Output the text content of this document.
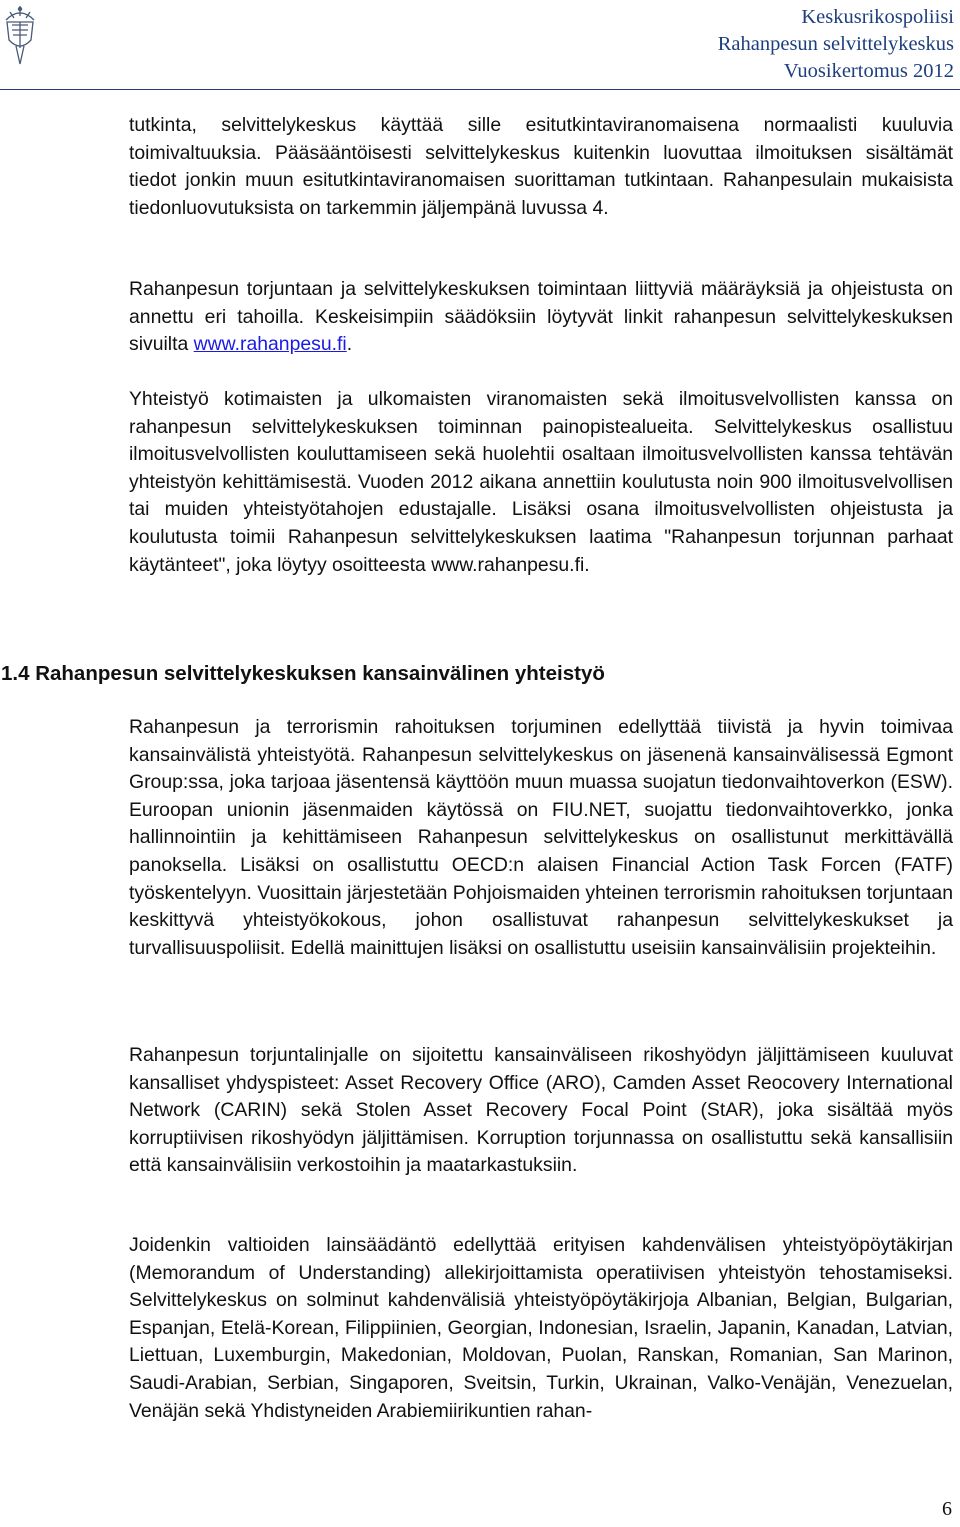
Keskusrikospoliisi
Rahanpesun selvittelykeskus
Vuosikertomus 2012

tutkinta, selvittelykeskus käyttää sille esitutkintaviranomaisena normaalisti kuuluvia toimivaltuuksia. Pääsääntöisesti selvittelykeskus kuitenkin luovuttaa ilmoituksen sisältämät tiedot jonkin muun esitutkintaviranomaisen suorittaman tutkintaan. Rahanpesulain mukaisista tiedonluovutuksista on tarkemmin jäljempänä luvussa 4.

Rahanpesun torjuntaan ja selvittelykeskuksen toimintaan liittyviä määräyksiä ja ohjeistusta on annettu eri tahoilla. Keskeisimpiin säädöksiin löytyvät linkit rahanpesun selvittelykeskuksen sivuilta www.rahanpesu.fi.

Yhteistyö kotimaisten ja ulkomaisten viranomaisten sekä ilmoitusvelvollisten kanssa on rahanpesun selvittelykeskuksen toiminnan painopistealueita. Selvittelykeskus osallistuu ilmoitusvelvollisten kouluttamiseen sekä huolehtii osaltaan ilmoitusvelvollisten kanssa tehtävän yhteistyön kehittämisestä. Vuoden 2012 aikana annettiin koulutusta noin 900 ilmoitusvelvollisen tai muiden yhteistyötahojen edustajalle. Lisäksi osana ilmoitusvelvollisten ohjeistusta ja koulutusta toimii Rahanpesun selvittelykeskuksen laatima "Rahanpesun torjunnan parhaat käytänteet", joka löytyy osoitteesta www.rahanpesu.fi.

1.4 Rahanpesun selvittelykeskuksen kansainvälinen yhteistyö

Rahanpesun ja terrorismin rahoituksen torjuminen edellyttää tiivistä ja hyvin toimivaa kansainvälistä yhteistyötä. Rahanpesun selvittelykeskus on jäsenenä kansainvälisessä Egmont Group:ssa, joka tarjoaa jäsentensä käyttöön muun muassa suojatun tiedonvaihtoverkon (ESW). Euroopan unionin jäsenmaiden käytössä on FIU.NET, suojattu tiedonvaihtoverkko, jonka hallinnointiin ja kehittämiseen Rahanpesun selvittelykeskus on osallistunut merkittävällä panoksella. Lisäksi on osallistuttu OECD:n alaisen Financial Action Task Forcen (FATF) työskentelyyn. Vuosittain järjestetään Pohjoismaiden yhteinen terrorismin rahoituksen torjuntaan keskittyvä yhteistyökokous, johon osallistuvat rahanpesun selvittelykeskukset ja turvallisuuspoliisit. Edellä mainittujen lisäksi on osallistuttu useisiin kansainvälisiin projekteihin.

Rahanpesun torjuntalinjalle on sijoitettu kansainväliseen rikoshyödyn jäljittämiseen kuuluvat kansalliset yhdyspisteet: Asset Recovery Office (ARO), Camden Asset Reocovery International Network (CARIN) sekä Stolen Asset Recovery Focal Point (StAR), joka sisältää myös korruptiivisen rikoshyödyn jäljittämisen. Korruption torjunnassa on osallistuttu sekä kansallisiin että kansainvälisiin verkostoihin ja maatarkastuksiin.

Joidenkin valtioiden lainsäädäntö edellyttää erityisen kahdenvälisen yhteistyöpöytäkirjan (Memorandum of Understanding) allekirjoittamista operatiivisen yhteistyön tehostamiseksi. Selvittelykeskus on solminut kahdenvälisiä yhteistyöpöytäkirjoja Albanian, Belgian, Bulgarian, Espanjan, Etelä-Korean, Filippiinien, Georgian, Indonesian, Israelin, Japanin, Kanadan, Latvian, Liettuan, Luxemburgin, Makedonian, Moldovan, Puolan, Ranskan, Romanian, San Marinon, Saudi-Arabian, Serbian, Singaporen, Sveitsin, Turkin, Ukrainan, Valko-Venäjän, Venezuelan, Venäjän sekä Yhdistyneiden Arabiemiirikuntien rahan-

6
